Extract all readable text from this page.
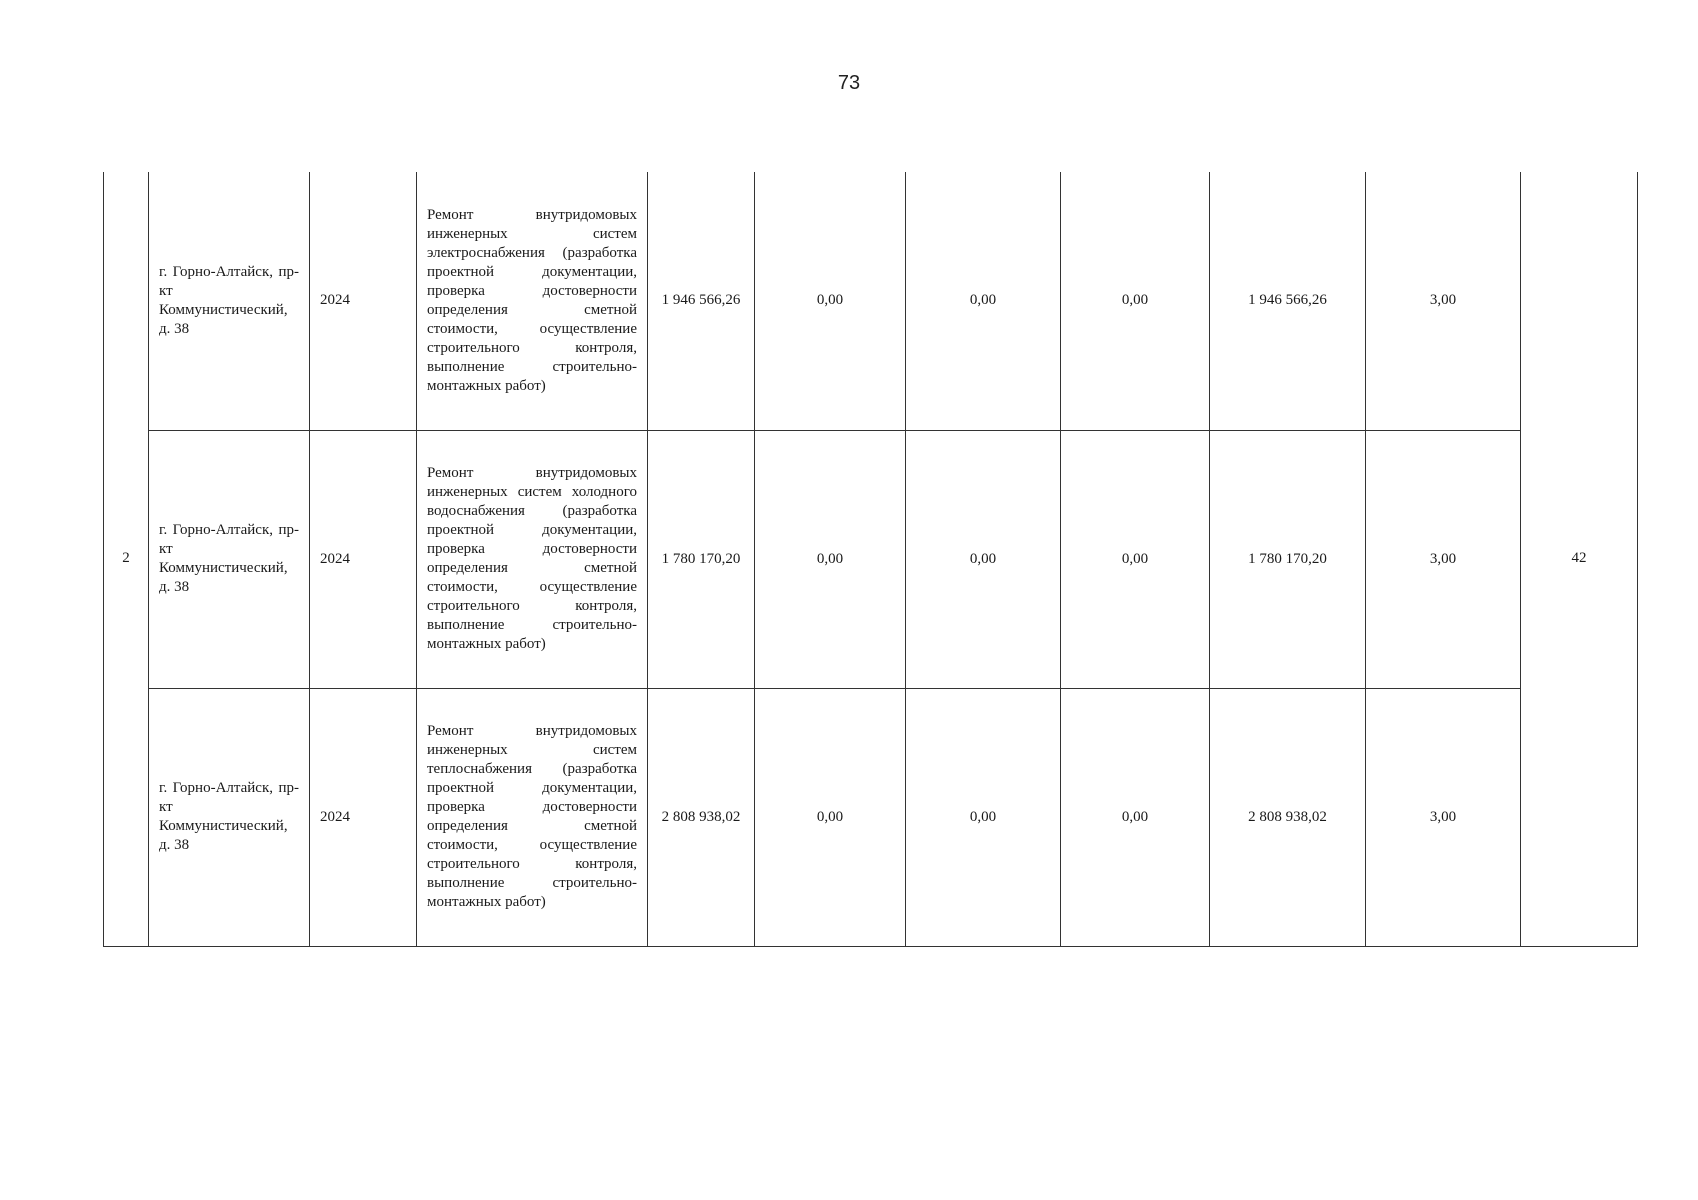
73
2	г. Горно-Алтайск, пр-кт Коммунистический, д. 38	2024	Ремонт внутридомовых инженерных систем электроснабжения (разработка проектной документации, проверка достоверности определения сметной стоимости, осуществление строительного контроля, выполнение строительно-монтажных работ)	1 946 566,26	0,00	0,00	0,00	1 946 566,26	3,00	42
	г. Горно-Алтайск, пр-кт Коммунистический, д. 38	2024	Ремонт внутридомовых инженерных систем холодного водоснабжения (разработка проектной документации, проверка достоверности определения сметной стоимости, осуществление строительного контроля, выполнение строительно-монтажных работ)	1 780 170,20	0,00	0,00	0,00	1 780 170,20	3,00	
	г. Горно-Алтайск, пр-кт Коммунистический, д. 38	2024	Ремонт внутридомовых инженерных систем теплоснабжения (разработка проектной документации, проверка достоверности определения сметной стоимости, осуществление строительного контроля, выполнение строительно-монтажных работ)	2 808 938,02	0,00	0,00	0,00	2 808 938,02	3,00	
